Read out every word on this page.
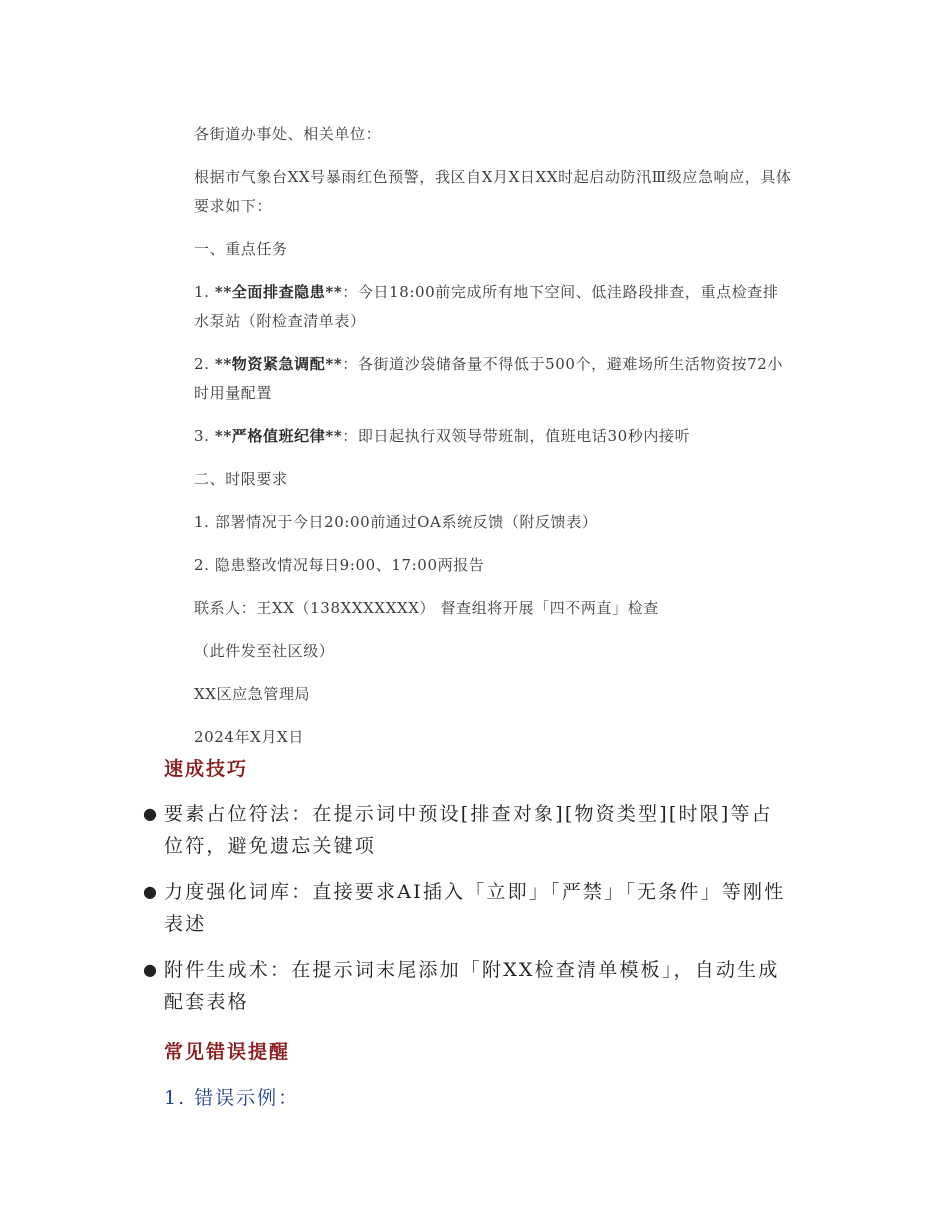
各街道办事处、相关单位：

根据市气象台XX号暴雨红色预警，我区自X月X日XX时起启动防汛Ⅲ级应急响应，具体要求如下：

一、重点任务

1. **全面排查隐患**：今日18:00前完成所有地下空间、低洼路段排查，重点检查排水泵站（附检查清单表）

2. **物资紧急调配**：各街道沙袋储备量不得低于500个，避难场所生活物资按72小时用量配置

3. **严格值班纪律**：即日起执行双领导带班制，值班电话30秒内接听

二、时限要求

1. 部署情况于今日20:00前通过OA系统反馈（附反馈表）

2. 隐患整改情况每日9:00、17:00两报告

联系人：王XX（138XXXXXXX） 督查组将开展「四不两直」检查

（此件发至社区级）

XX区应急管理局

2024年X月X日

速成技巧
● 要素占位符法：在提示词中预设[排查对象][物资类型][时限]等占位符，避免遗忘关键项
● 力度强化词库：直接要求AI插入「立即」「严禁」「无条件」等刚性表述
● 附件生成术：在提示词末尾添加「附XX检查清单模板」，自动生成配套表格
常见错误提醒

1. 错误示例：
